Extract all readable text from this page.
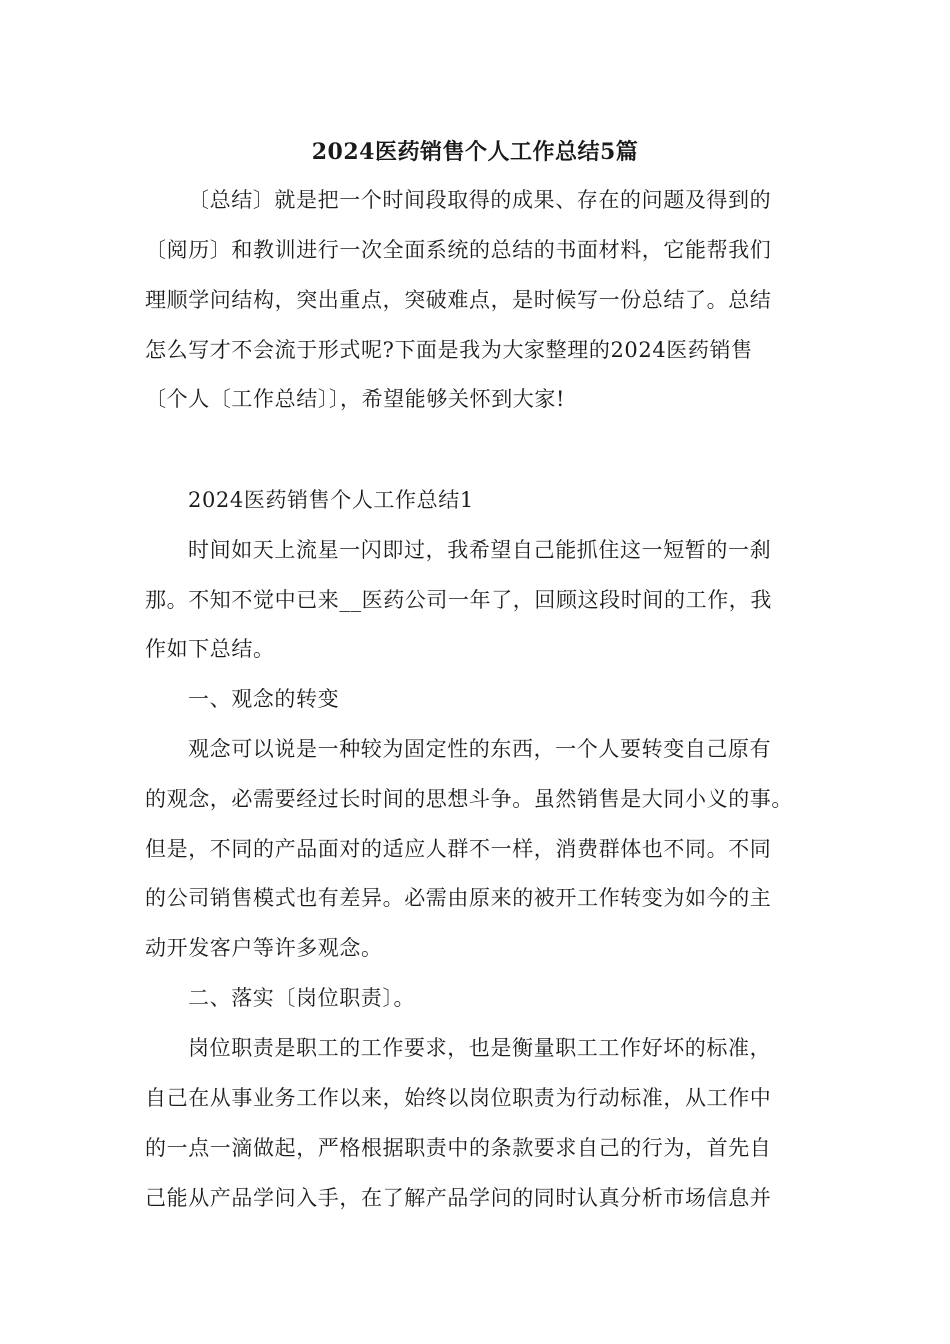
2024医药销售个人工作总结5篇
〔总结〕就是把一个时间段取得的成果、存在的问题及得到的
〔阅历〕和教训进行一次全面系统的总结的书面材料，它能帮我们
理顺学问结构，突出重点，突破难点，是时候写一份总结了。总结
怎么写才不会流于形式呢?下面是我为大家整理的2024医药销售
〔个人〔工作总结〕〕，希望能够关怀到大家!
2024医药销售个人工作总结1
时间如天上流星一闪即过，我希望自己能抓住这一短暂的一刹
那。不知不觉中已来__医药公司一年了，回顾这段时间的工作，我
作如下总结。
一、观念的转变
观念可以说是一种较为固定性的东西，一个人要转变自己原有
的观念，必需要经过长时间的思想斗争。虽然销售是大同小义的事。
但是，不同的产品面对的适应人群不一样，消费群体也不同。不同
的公司销售模式也有差异。必需由原来的被开工作转变为如今的主
动开发客户等许多观念。
二、落实〔岗位职责〕。
岗位职责是职工的工作要求，也是衡量职工工作好坏的标准，
自己在从事业务工作以来，始终以岗位职责为行动标准，从工作中
的一点一滴做起，严格根据职责中的条款要求自己的行为，首先自
己能从产品学问入手，在了解产品学问的同时认真分析市场信息并
